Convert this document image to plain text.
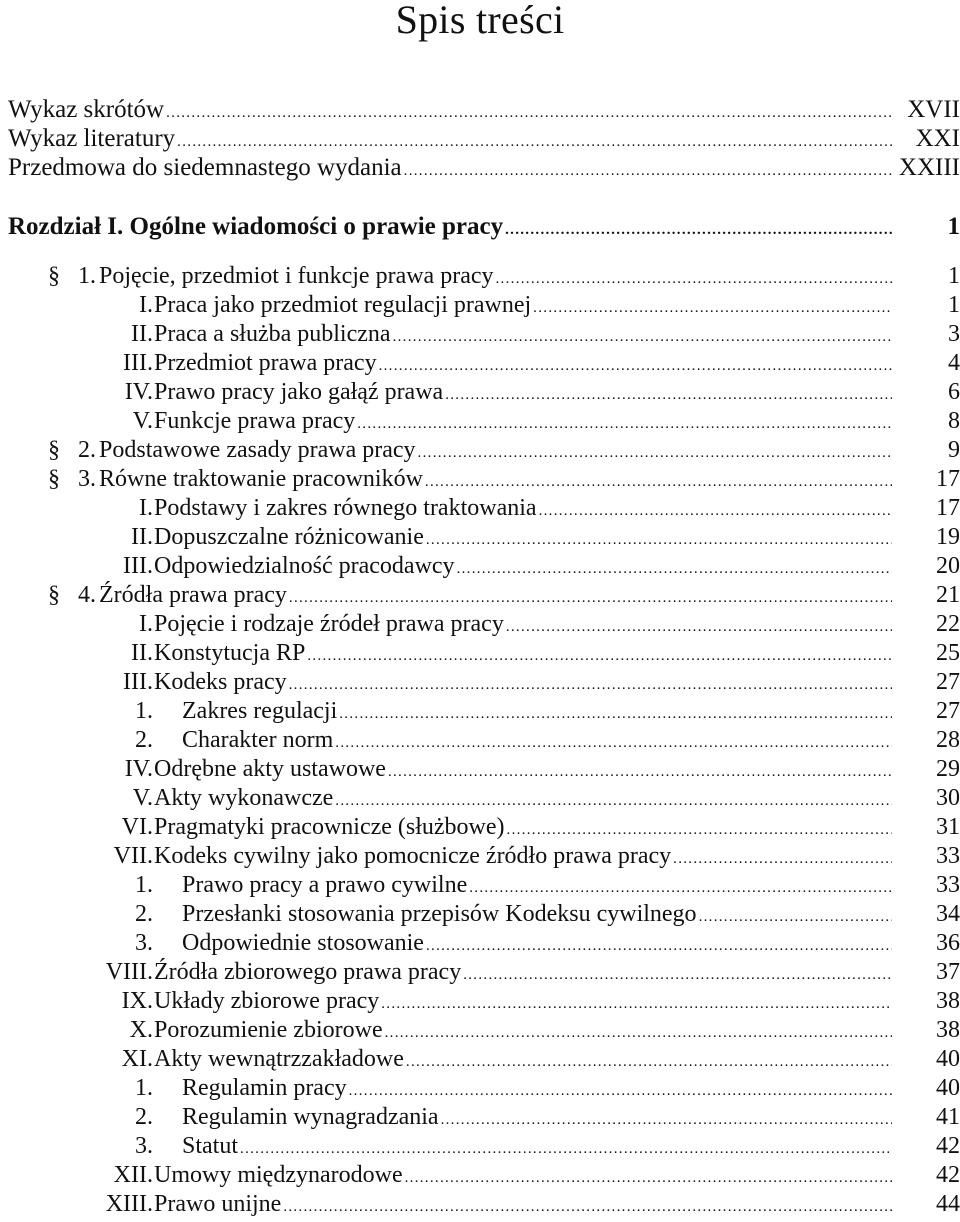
Spis treści
Wykaz skrótów .....	XVII
Wykaz literatury .....	XXI
Przedmowa do siedemnastego wydania .....	XXIII
Rozdział I. Ogólne wiadomości o prawie pracy .....	1
§ 1. Pojęcie, przedmiot i funkcje prawa pracy .....	1
I. Praca jako przedmiot regulacji prawnej .....	1
II. Praca a służba publiczna .....	3
III. Przedmiot prawa pracy .....	4
IV. Prawo pracy jako gałąź prawa .....	6
V. Funkcje prawa pracy .....	8
§ 2. Podstawowe zasady prawa pracy .....	9
§ 3. Równe traktowanie pracowników .....	17
I. Podstawy i zakres równego traktowania .....	17
II. Dopuszczalne różnicowanie .....	19
III. Odpowiedzialność pracodawcy .....	20
§ 4. Źródła prawa pracy .....	21
I. Pojęcie i rodzaje źródeł prawa pracy .....	22
II. Konstytucja RP .....	25
III. Kodeks pracy .....	27
1. Zakres regulacji .....	27
2. Charakter norm .....	28
IV. Odrębne akty ustawowe .....	29
V. Akty wykonawcze .....	30
VI. Pragmatyki pracownicze (służbowe) .....	31
VII. Kodeks cywilny jako pomocnicze źródło prawa pracy .....	33
1. Prawo pracy a prawo cywilne .....	33
2. Przesłanki stosowania przepisów Kodeksu cywilnego .....	34
3. Odpowiednie stosowanie .....	36
VIII. Źródła zbiorowego prawa pracy .....	37
IX. Układy zbiorowe pracy .....	38
X. Porozumienie zbiorowe .....	38
XI. Akty wewnątrzzakładowe .....	40
1. Regulamin pracy .....	40
2. Regulamin wynagradzania .....	41
3. Statut .....	42
XII. Umowy międzynarodowe .....	42
XIII. Prawo unijne .....	44
